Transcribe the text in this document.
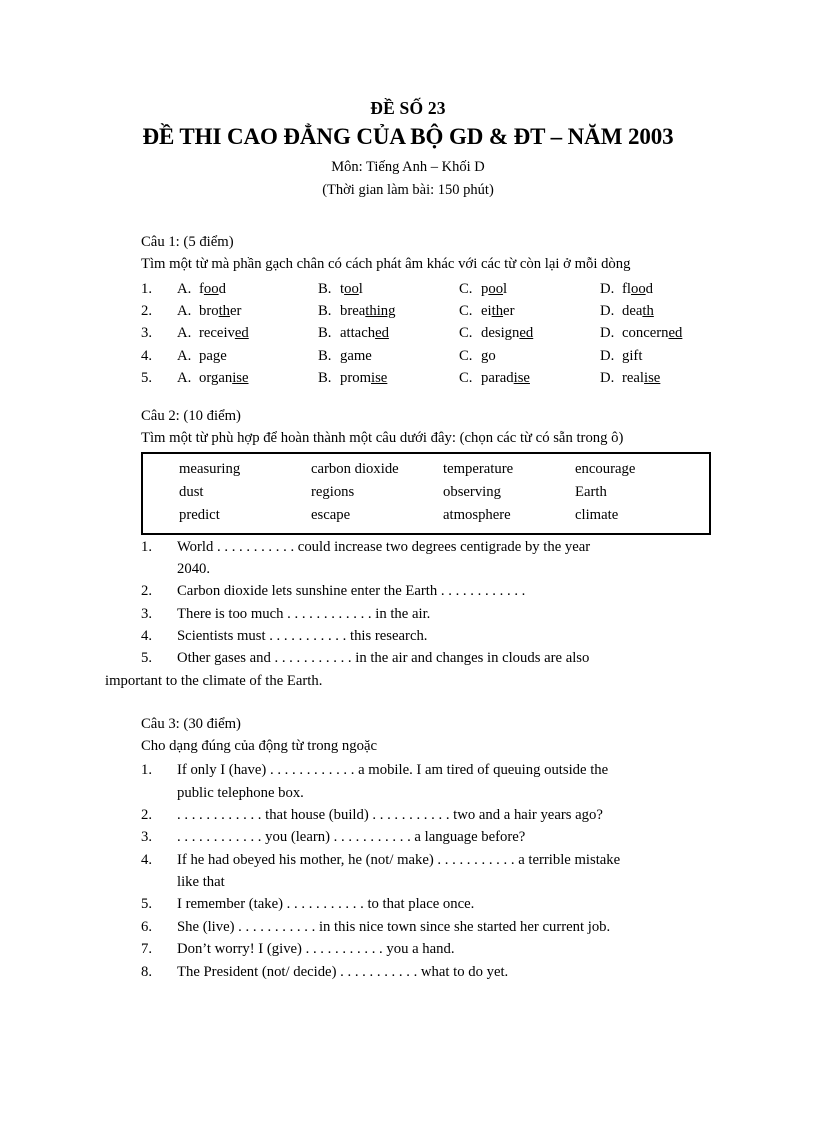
ĐỀ SỐ 23
ĐỀ THI CAO ĐẲNG CỦA BỘ GD & ĐT – NĂM 2003
Môn: Tiếng Anh – Khối D
(Thời gian làm bài: 150 phút)
Câu 1: (5 điểm)
Tìm một từ mà phần gạch chân có cách phát âm khác với các từ còn lại ở mỗi dòng
1.	A. food	B. tool	C. pool	D. flood
2.	A. brother	B. breathing	C. either	D. death
3.	A. received	B. attached	C. designed	D. concerned
4.	A. page	B. game	C. go	D. gift
5.	A. organise	B. promise	C. paradise	D. realise
Câu 2: (10 điểm)
Tìm một từ phù hợp để hoàn thành một câu dưới đây: (chọn các từ có sẵn trong ô)
measuring	carbon dioxide	temperature	encourage
dust	regions	observing	Earth
predict	escape	atmosphere	climate
1.	World . . . . . . . . . . . could increase two degrees centigrade by the year
2040.
2.	Carbon dioxide lets sunshine enter the Earth . . . . . . . . . . . .
3.	There is too much . . . . . . . . . . . . in the air.
4.	Scientists must . . . . . . . . . . . this research.
5.	Other gases and . . . . . . . . . . . in the air and changes in clouds are also
important to the climate of the Earth.
Câu 3: (30 điểm)
Cho dạng đúng của động từ trong ngoặc
1.	If only I (have) . . . . . . . . . . . . a mobile. I am tired of queuing outside the
public telephone box.
2.	. . . . . . . . . . . . that house (build) . . . . . . . . . . . two and a hair years ago?
3.	. . . . . . . . . . . . you (learn) . . . . . . . . . . . a language before?
4.	If he had obeyed his mother, he (not/ make) . . . . . . . . . . . a terrible mistake
like that
5.	I remember (take) . . . . . . . . . . . to that place once.
6.	She (live) . . . . . . . . . . . in this nice town since she started her current job.
7.	Don’t worry! I (give) . . . . . . . . . . . you a hand.
8.	The President (not/ decide) . . . . . . . . . . . what to do yet.
